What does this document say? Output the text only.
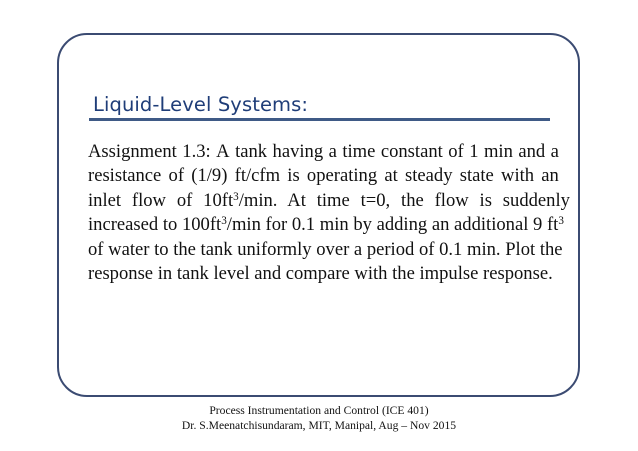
Liquid-Level Systems:
Assignment 1.3: A tank having a time constant of 1 min and a
resistance of (1/9) ft/cfm is operating at steady state with an
inlet flow of $10ft^3/\min$. At time t=0, the flow is suddenly
increased to $100ft^3/\min$ for 0.1 min by adding an additional 9 $ft^3$
of water to the tank uniformly over a period of 0.1 min. Plot the
response in tank level and compare with the impulse response.
Process Instrumentation and Control (ICE 401)
Dr. S.Meenatchisundaram, MIT, Manipal, Aug – Nov 2015
